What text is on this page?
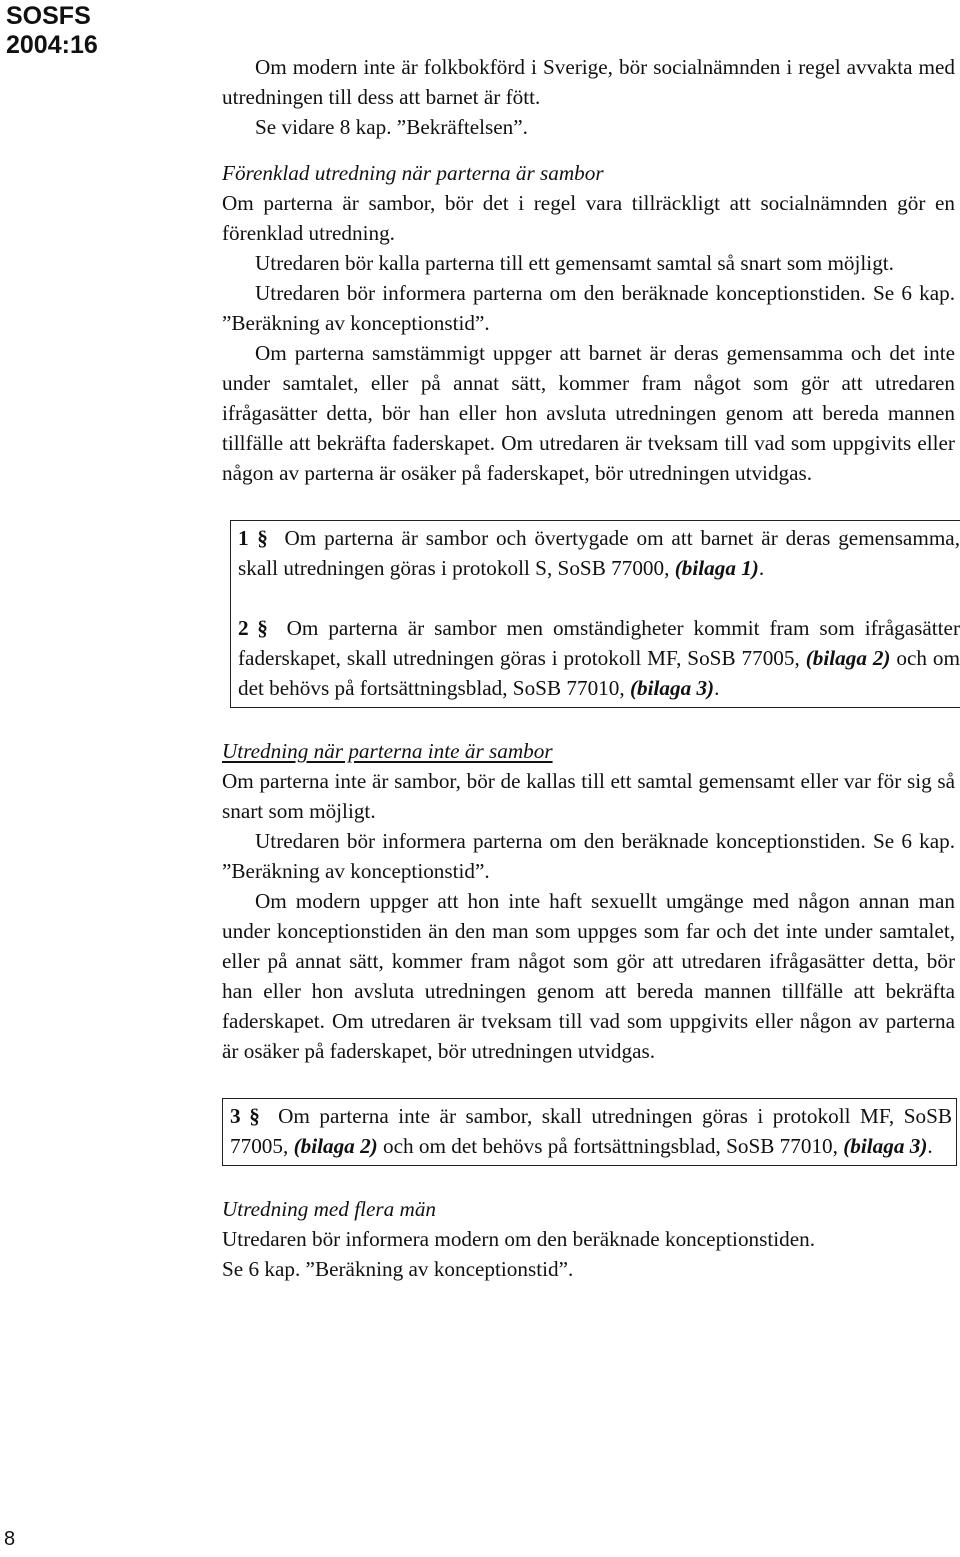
SOSFS
2004:16

Om modern inte är folkbokförd i Sverige, bör socialnämnden i regel avvakta med utredningen till dess att barnet är fött.

Se vidare 8 kap. ”Bekräftelsen”.

Förenklad utredning när parterna är sambor

Om parterna är sambor, bör det i regel vara tillräckligt att socialnämnden gör en förenklad utredning.

Utredaren bör kalla parterna till ett gemensamt samtal så snart som möjligt.

Utredaren bör informera parterna om den beräknade konceptionstiden. Se 6 kap. ”Beräkning av konceptionstid”.

Om parterna samstämmigt uppger att barnet är deras gemensamma och det inte under samtalet, eller på annat sätt, kommer fram något som gör att utredaren ifrågasätter detta, bör han eller hon avsluta utredningen genom att bereda mannen tillfälle att bekräfta faderskapet. Om utredaren är tveksam till vad som uppgivits eller någon av parterna är osäker på faderskapet, bör utredningen utvidgas.

1 § Om parterna är sambor och övertygade om att barnet är deras gemensamma, skall utredningen göras i protokoll S, SoSB 77000, (bilaga 1).

2 § Om parterna är sambor men omständigheter kommit fram som ifrågasätter faderskapet, skall utredningen göras i protokoll MF, SoSB 77005, (bilaga 2) och om det behövs på fortsättningsblad, SoSB 77010, (bilaga 3).

Utredning när parterna inte är sambor

Om parterna inte är sambor, bör de kallas till ett samtal gemensamt eller var för sig så snart som möjligt.

Utredaren bör informera parterna om den beräknade konceptionstiden. Se 6 kap. ”Beräkning av konceptionstid”.

Om modern uppger att hon inte haft sexuellt umgänge med någon annan man under konceptionstiden än den man som uppges som far och det inte under samtalet, eller på annat sätt, kommer fram något som gör att utredaren ifrågasätter detta, bör han eller hon avsluta utredningen genom att bereda mannen tillfälle att bekräfta faderskapet. Om utredaren är tveksam till vad som uppgivits eller någon av parterna är osäker på faderskapet, bör utredningen utvidgas.

3 § Om parterna inte är sambor, skall utredningen göras i protokoll MF, SoSB 77005, (bilaga 2) och om det behövs på fortsättningsblad, SoSB 77010, (bilaga 3).

Utredning med flera män

Utredaren bör informera modern om den beräknade konceptionstiden.

Se 6 kap. ”Beräkning av konceptionstid”.

8
